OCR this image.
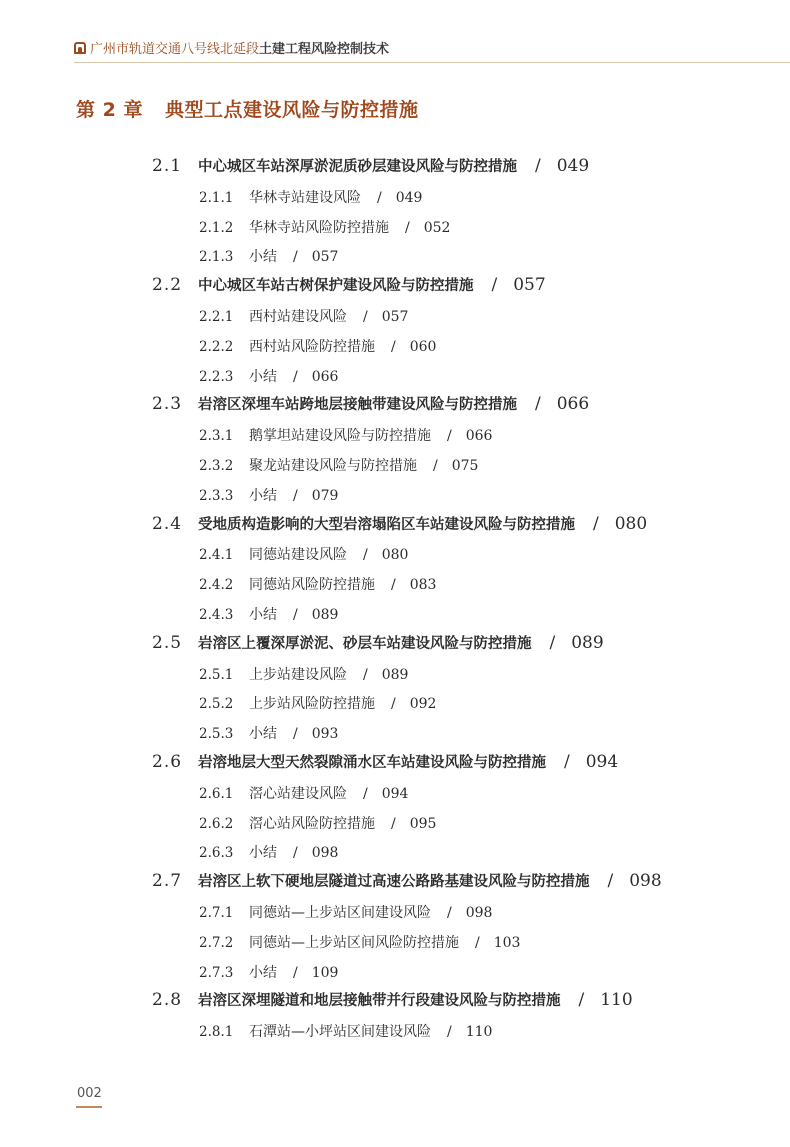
广州市轨道交通八号线北延段 土建工程风险控制技术
第 2 章 典型工点建设风险与防控措施
2.1 中心城区车站深厚淤泥质砂层建设风险与防控措施 / 049
2.1.1 华林寺站建设风险 / 049
2.1.2 华林寺站风险防控措施 / 052
2.1.3 小结 / 057
2.2 中心城区车站古树保护建设风险与防控措施 / 057
2.2.1 西村站建设风险 / 057
2.2.2 西村站风险防控措施 / 060
2.2.3 小结 / 066
2.3 岩溶区深埋车站跨地层接触带建设风险与防控措施 / 066
2.3.1 鹅掌坦站建设风险与防控措施 / 066
2.3.2 聚龙站建设风险与防控措施 / 075
2.3.3 小结 / 079
2.4 受地质构造影响的大型岩溶塌陷区车站建设风险与防控措施 / 080
2.4.1 同德站建设风险 / 080
2.4.2 同德站风险防控措施 / 083
2.4.3 小结 / 089
2.5 岩溶区上覆深厚淤泥、砂层车站建设风险与防控措施 / 089
2.5.1 上步站建设风险 / 089
2.5.2 上步站风险防控措施 / 092
2.5.3 小结 / 093
2.6 岩溶地层大型天然裂隙涌水区车站建设风险与防控措施 / 094
2.6.1 滘心站建设风险 / 094
2.6.2 滘心站风险防控措施 / 095
2.6.3 小结 / 098
2.7 岩溶区上软下硬地层隧道过高速公路路基建设风险与防控措施 / 098
2.7.1 同德站—上步站区间建设风险 / 098
2.7.2 同德站—上步站区间风险防控措施 / 103
2.7.3 小结 / 109
2.8 岩溶区深埋隧道和地层接触带并行段建设风险与防控措施 / 110
2.8.1 石潭站—小坪站区间建设风险 / 110
002
